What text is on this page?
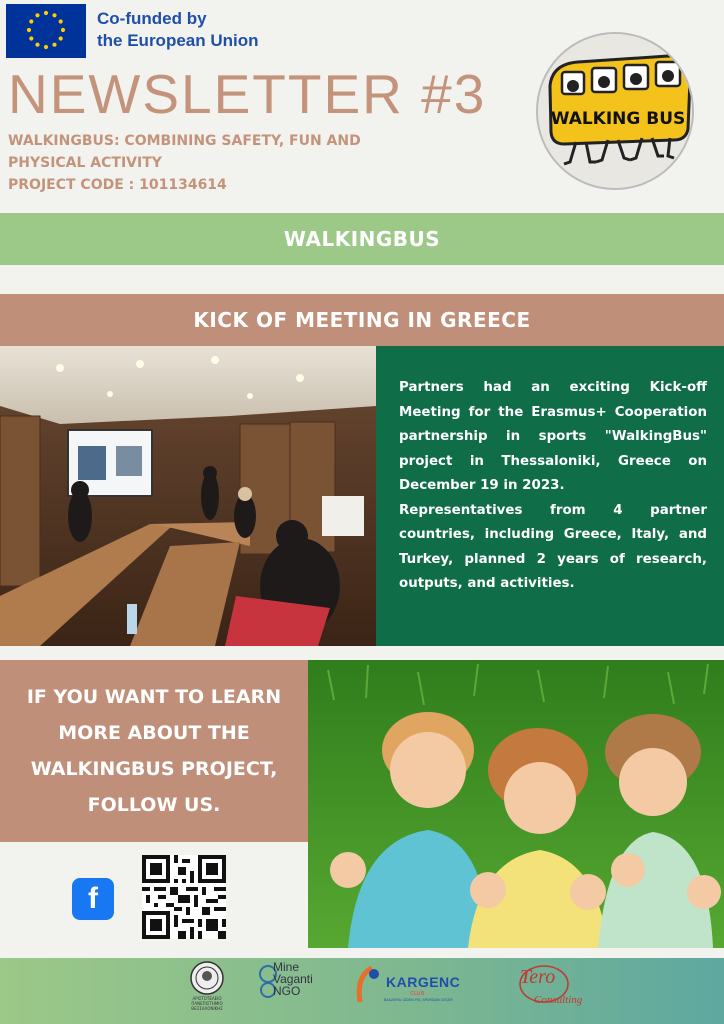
Co-funded by
the European Union
NEWSLETTER #3
WALKINGBUS: COMBINING SAFETY, FUN AND
PHYSICAL ACTIVITY
PROJECT CODE : 101134614
WALKING BUS
WALKINGBUS
KICK OF MEETING IN GREECE

Partners had an exciting Kick-off Meeting for the Erasmus+ Cooperation partnership in sports "WalkingBus" project in Thessaloniki, Greece on December 19 in 2023.

Representatives from 4 partner countries, including Greece, Italy, and Turkey, planned 2 years of research, outputs, and activities.

IF YOU WANT TO LEARN MORE ABOUT THE WALKINGBUS PROJECT, FOLLOW US.
f
ΑΡΙΣΤΟΤΕΛΕΙΟ ΠΑΝΕΠΙΣΤΗΜΙΟ ΘΕΣΣΑΛΟΝΙΚΗΣ
Mine
Vaganti
NGO
KARGENC
CLUB
BAŞARIYA GİDEN YOL SPORDAN GEÇER
Tero
Consulting
